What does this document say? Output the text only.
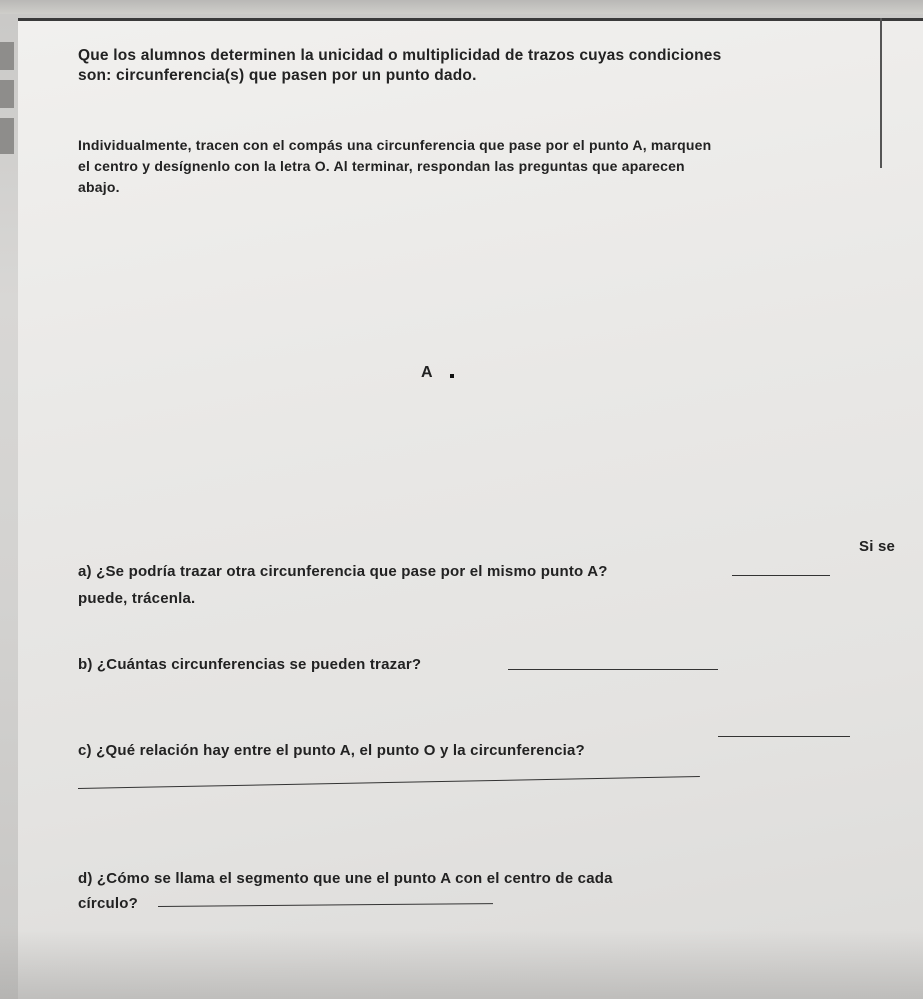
Que los alumnos determinen la unicidad o multiplicidad de trazos cuyas condiciones
son: circunferencia(s) que pasen por un punto dado.
Individualmente, tracen con el compás una circunferencia que pase por el punto A, marquen
el centro y desígnenlo con la letra O. Al terminar, respondan las preguntas que aparecen
abajo.
A
a) ¿Se podría trazar otra circunferencia que pase por el mismo punto A?
Si se
puede, trácenla.
b) ¿Cuántas circunferencias se pueden trazar?
c) ¿Qué relación hay entre el punto A, el punto O y la circunferencia?
d) ¿Cómo se llama el segmento que une el punto A con el centro de cada
círculo?
